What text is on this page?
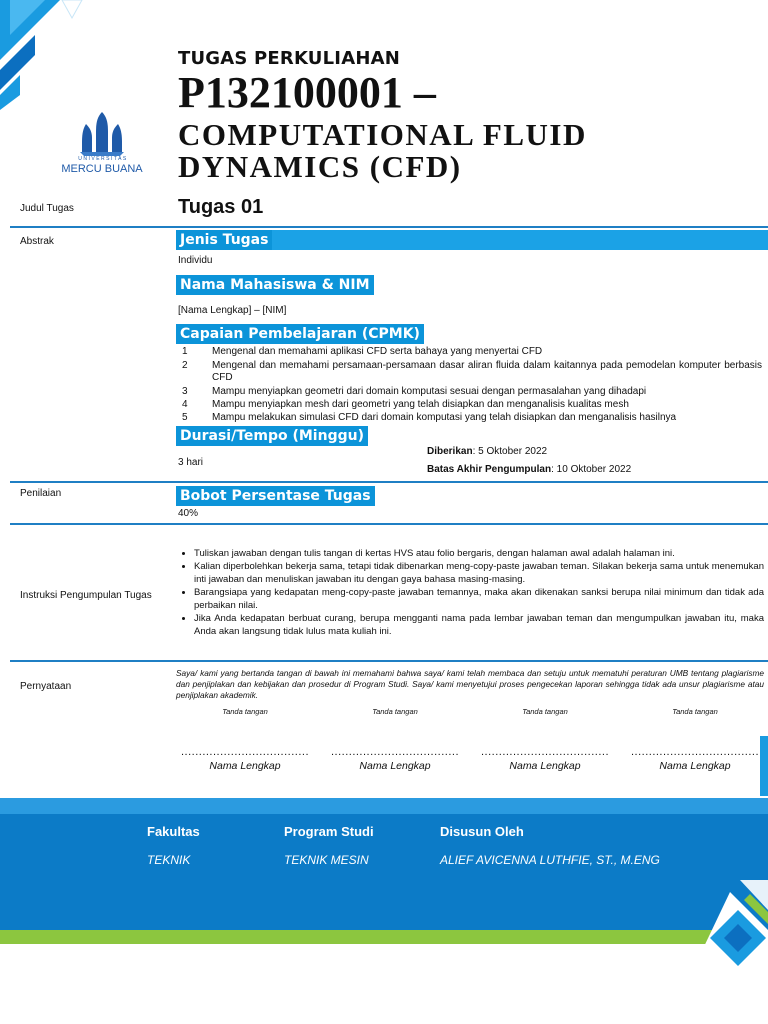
TUGAS PERKULIAHAN
P132100001 –
COMPUTATIONAL FLUID DYNAMICS (CFD)
UNIVERSITAS
MERCU BUANA
Judul Tugas	Tugas 01
Abstrak	Jenis Tugas
Individu
Nama Mahasiswa & NIM
[Nama Lengkap] – [NIM]
Capaian Pembelajaran (CPMK)
1 Mengenal dan memahami aplikasi CFD serta bahaya yang menyertai CFD
2 Mengenal dan memahami persamaan-persamaan dasar aliran fluida dalam kaitannya pada pemodelan komputer berbasis CFD
3 Mampu menyiapkan geometri dari domain komputasi sesuai dengan permasalahan yang dihadapi
4 Mampu menyiapkan mesh dari geometri yang telah disiapkan dan menganalisis kualitas mesh
5 Mampu melakukan simulasi CFD dari domain komputasi yang telah disiapkan dan menganalisis hasilnya
Durasi/Tempo (Minggu)
3 hari
Diberikan: 5 Oktober 2022
Batas Akhir Pengumpulan: 10 Oktober 2022
Penilaian	Bobot Persentase Tugas
40%
Instruksi Pengumpulan Tugas
• Tuliskan jawaban dengan tulis tangan di kertas HVS atau folio bergaris, dengan halaman awal adalah halaman ini.
• Kalian diperbolehkan bekerja sama, tetapi tidak dibenarkan meng-copy-paste jawaban teman. Silakan bekerja sama untuk menemukan inti jawaban dan menuliskan jawaban itu dengan gaya bahasa masing-masing.
• Barangsiapa yang kedapatan meng-copy-paste jawaban temannya, maka akan dikenakan sanksi berupa nilai minimum dan tidak ada perbaikan nilai.
• Jika Anda kedapatan berbuat curang, berupa mengganti nama pada lembar jawaban teman dan mengumpulkan jawaban itu, maka Anda akan langsung tidak lulus mata kuliah ini.
Pernyataan
Saya/ kami yang bertanda tangan di bawah ini memahami bahwa saya/ kami telah membaca dan setuju untuk mematuhi peraturan UMB tentang plagiarisme dan penjiplakan dan kebijakan dan prosedur di Program Studi. Saya/ kami menyetujui proses pengecekan laporan sehingga tidak ada unsur plagiarisme atau penjiplakan akademik.
Tanda tangan	Tanda tangan	Tanda tangan	Tanda tangan
.................................... .................................... .................................... ....................................
Nama Lengkap	Nama Lengkap	Nama Lengkap	Nama Lengkap
Fakultas
TEKNIK
Program Studi
TEKNIK MESIN
Disusun Oleh
ALIEF AVICENNA LUTHFIE, ST., M.ENG
